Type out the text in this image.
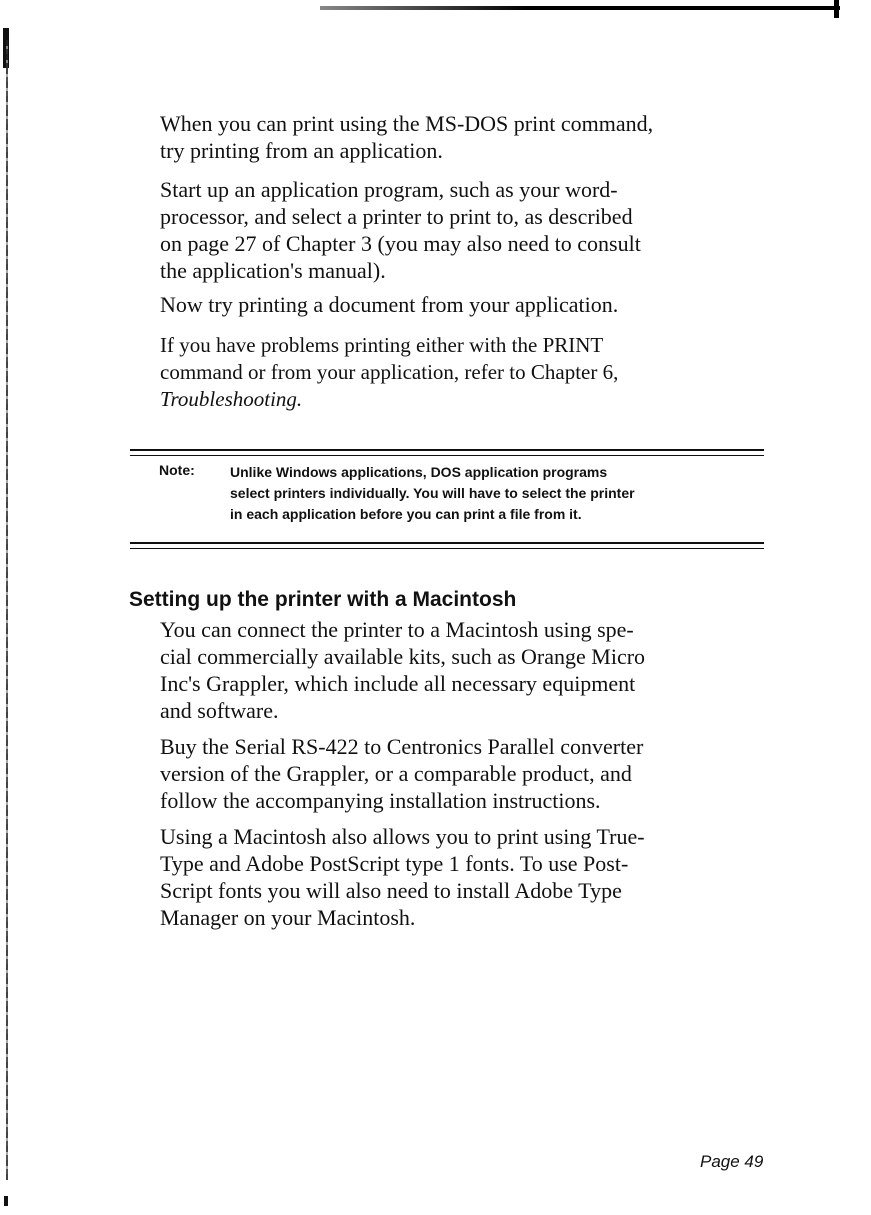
When you can print using the MS-DOS print command,

try printing from an application.

Start up an application program, such as your word-

processor, and select a printer to print to, as described

on page 27 of Chapter 3 (you may also need to consult

the application's manual).

Now try printing a document from your application.

If you have problems printing either with the PRINT

command or from your application, refer to Chapter 6,

Troubleshooting.

Note:	Unlike Windows applications, DOS application programs

select printers individually. You will have to select the printer

in each application before you can print a file from it.

Setting up the printer with a Macintosh

You can connect the printer to a Macintosh using spe-

cial commercially available kits, such as Orange Micro

Inc's Grappler, which include all necessary equipment

and software.

Buy the Serial RS-422 to Centronics Parallel converter

version of the Grappler, or a comparable product, and

follow the accompanying installation instructions.

Using a Macintosh also allows you to print using True-

Type and Adobe PostScript type 1 fonts. To use Post-

Script fonts you will also need to install Adobe Type

Manager on your Macintosh.

Page 49
